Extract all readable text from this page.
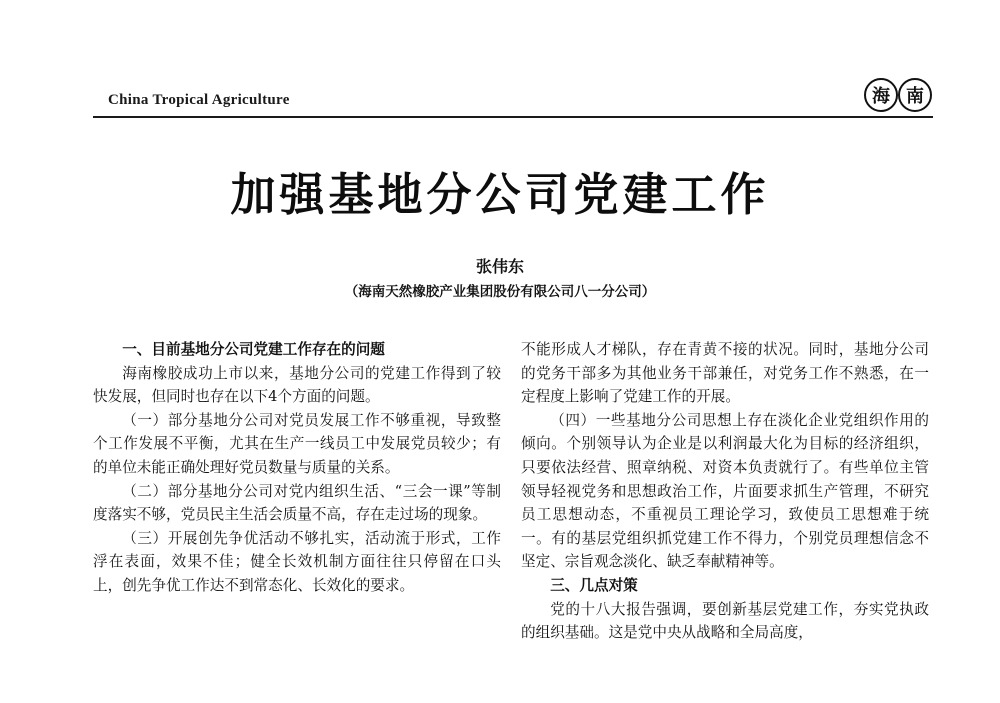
China Tropical Agriculture	海 南
加强基地分公司党建工作
张伟东
（海南天然橡胶产业集团股份有限公司八一分公司）
一、目前基地分公司党建工作存在的问题

海南橡胶成功上市以来，基地分公司的党建工作得到了较快发展，但同时也存在以下4个方面的问题。

（一）部分基地分公司对党员发展工作不够重视，导致整个工作发展不平衡，尤其在生产一线员工中发展党员较少；有的单位未能正确处理好党员数量与质量的关系。

（二）部分基地分公司对党内组织生活、“三会一课”等制度落实不够，党员民主生活会质量不高，存在走过场的现象。

（三）开展创先争优活动不够扎实，活动流于形式，工作浮在表面，效果不佳；健全长效机制方面往往只停留在口头上，创先争优工作达不到常态化、长效化的要求。

不能形成人才梯队，存在青黄不接的状况。同时，基地分公司的党务干部多为其他业务干部兼任，对党务工作不熟悉，在一定程度上影响了党建工作的开展。

（四）一些基地分公司思想上存在淡化企业党组织作用的倾向。个别领导认为企业是以利润最大化为目标的经济组织，只要依法经营、照章纳税、对资本负责就行了。有些单位主管领导轻视党务和思想政治工作，片面要求抓生产管理，不研究员工思想动态，不重视员工理论学习，致使员工思想难于统一。有的基层党组织抓党建工作不得力，个别党员理想信念不坚定、宗旨观念淡化、缺乏奉献精神等。

三、几点对策

党的十八大报告强调，要创新基层党建工作，夯实党执政的组织基础。这是党中央从战略和全局高度，
